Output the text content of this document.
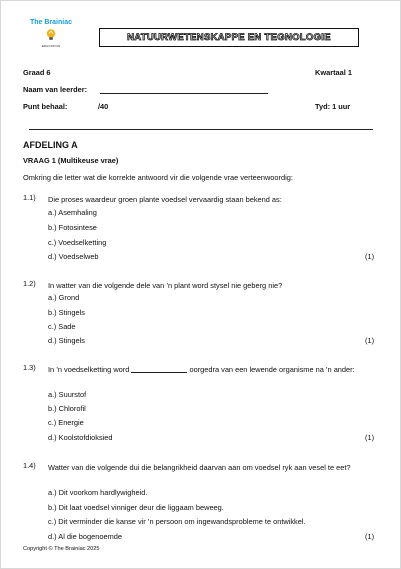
The Brainiac
EDUCATION
NATUURWETENSKAPPE EN TEGNOLOGIE
Graad 6	Kwartaal 1
Naam van leerder:
Punt behaal:	/40	Tyd: 1 uur
AFDELING A
VRAAG 1 (Multikeuse vrae)
Omkring die letter wat die korrekte antwoord vir die volgende vrae verteenwoordig:
1.1)	Die proses waardeur groen plante voedsel vervaardig staan bekend as:
a.) Asemhaling
b.) Fotosintese
c.) Voedselketting
d.) Voedselweb	(1)
1.2)	In watter van die volgende dele van ’n plant word stysel nie geberg nie?
a.) Grond
b.) Stingels
c.) Sade
d.) Stingels	(1)
1.3)	In ’n voedselketting word	oorgedra van een lewende organisme na ’n ander:
a.) Suurstof
b.) Chlorofil
c.) Energie
d.) Koolstofdioksied	(1)
1.4)	Watter van die volgende dui die belangrikheid daarvan aan om voedsel ryk aan vesel te eet?
a.) Dit voorkom hardlywigheid.
b.) Dit laat voedsel vinniger deur die liggaam beweeg.
c.) Dit verminder die kanse vir ’n persoon om ingewandsprobleme te ontwikkel.
d.) Al die bogenoemde	(1)
Copyright © The Brainiac 2025
